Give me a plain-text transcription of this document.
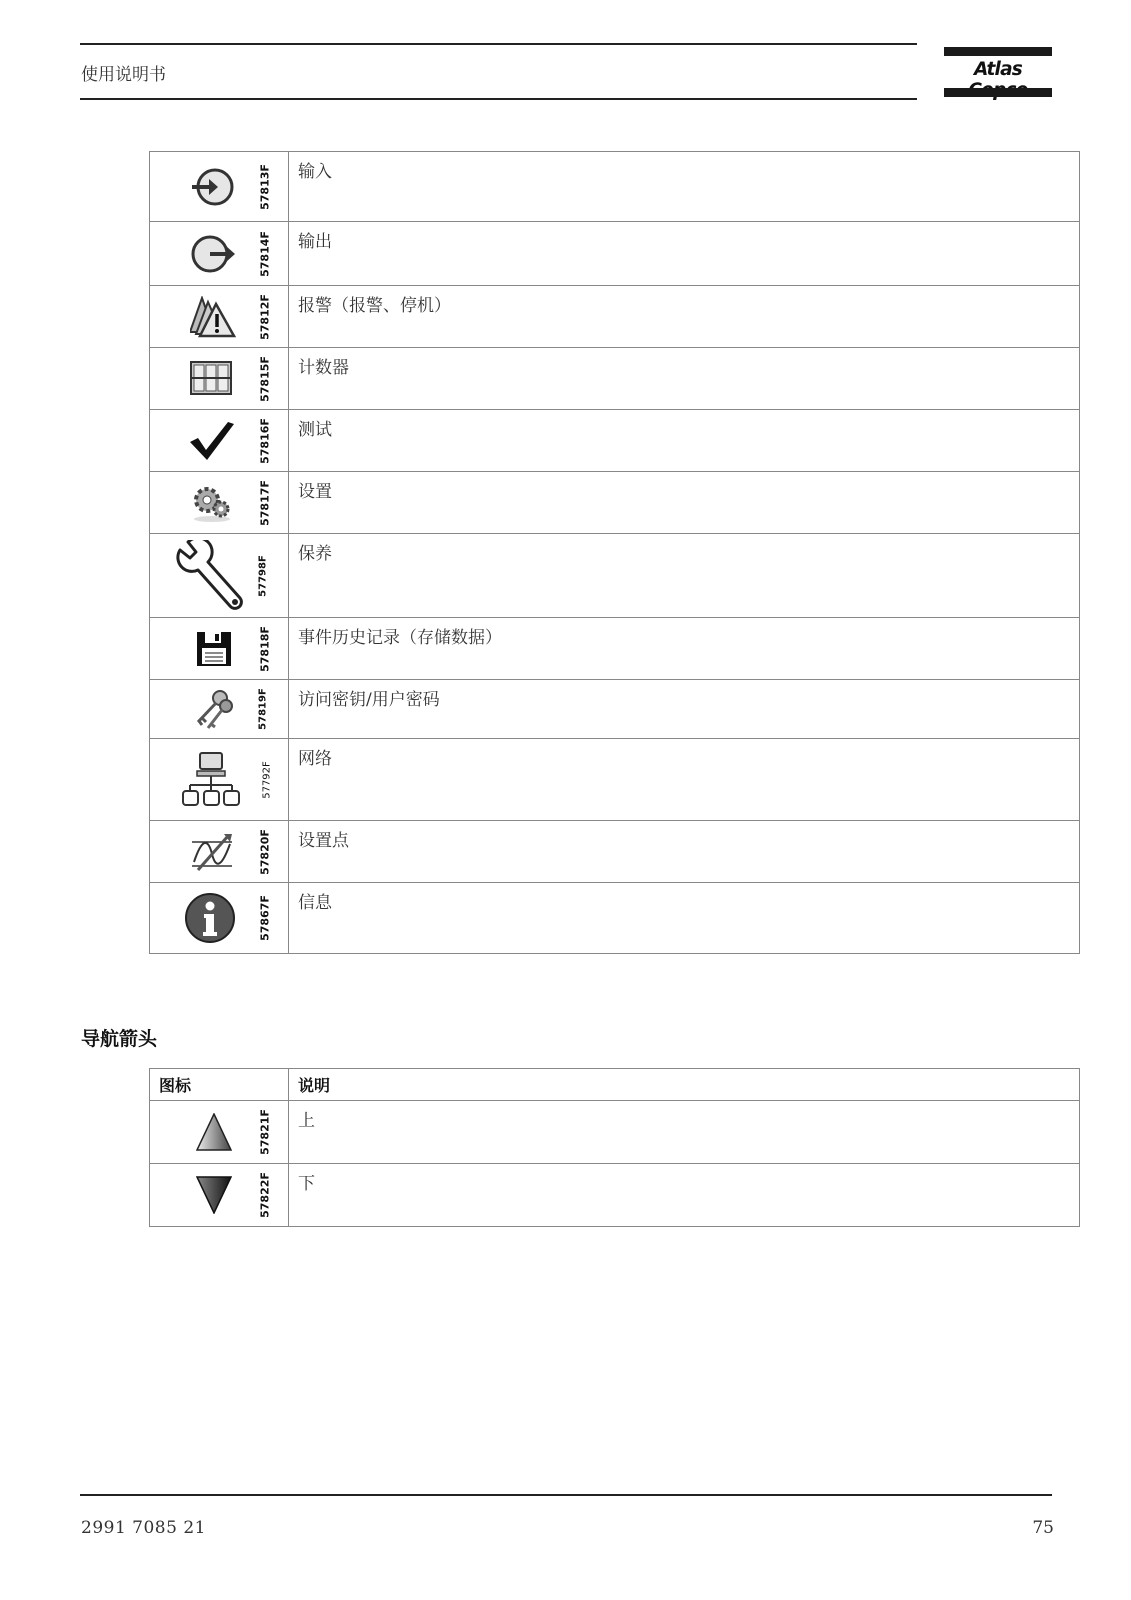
使用说明书	Atlas
57813F	输入

57814F	输出

57812F	报警（报警、停机）

57815F	计数器

57816F	测试

57817F	设置

57798F	保养

57818F	事件历史记录（存储数据）

57819F	访问密钥/用户密码

57792F	网络

57820F	设置点

57867F	信息
导航箭头
图标	说明

57821F	上

57822F	下
2991 7085 21	75
